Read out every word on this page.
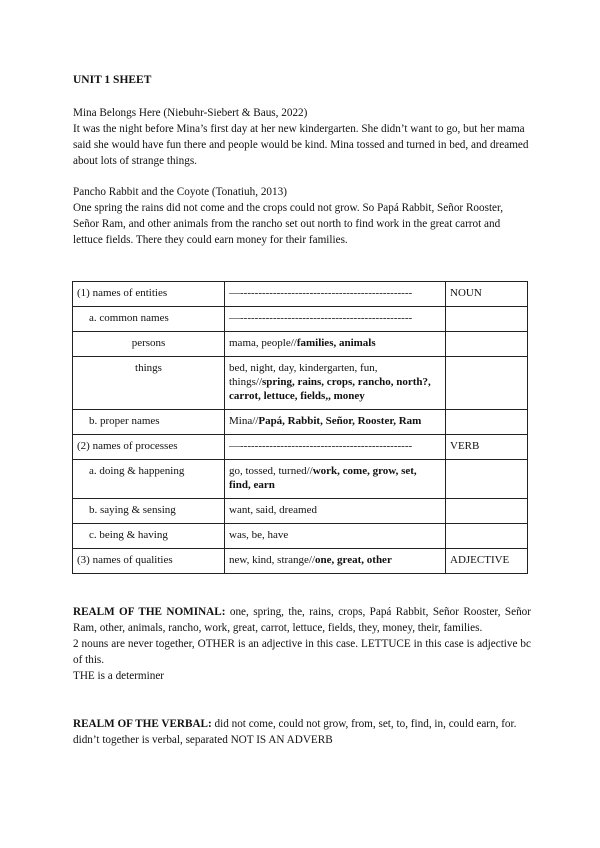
UNIT 1 SHEET

Mina Belongs Here (Niebuhr-Siebert & Baus, 2022)

It was the night before Mina’s first day at her new kindergarten. She didn’t want to go, but her mama said she would have fun there and people would be kind. Mina tossed and turned in bed, and dreamed about lots of strange things.

Pancho Rabbit and the Coyote (Tonatiuh, 2013)

One spring the rains did not come and the crops could not grow. So Papá Rabbit, Señor Rooster, Señor Ram, and other animals from the rancho set out north to find work in the great carrot and lettuce fields. There they could earn money for their families.

(1) names of entities	—-----------------------------------------------	NOUN
a. common names	—-----------------------------------------------	
persons	mama, people//families, animals	
things	bed, night, day, kindergarten, fun, things//spring, rains, crops, rancho, north?, carrot, lettuce, fields,, money	
b. proper names	Mina//Papá, Rabbit, Señor, Rooster, Ram	
(2) names of processes	—-----------------------------------------------	VERB
a. doing & happening	go, tossed, turned//work, come, grow, set, find, earn	
b. saying & sensing	want, said, dreamed	
c. being & having	was, be, have	
(3) names of qualities	new, kind, strange//one, great, other	ADJECTIVE
REALM OF THE NOMINAL: one, spring, the, rains, crops, Papá Rabbit, Señor Rooster, Señor Ram, other, animals, rancho, work, great, carrot, lettuce, fields, they, money, their, families.
2 nouns are never together, OTHER is an adjective in this case. LETTUCE in this case is adjective bc of this.
THE is a determiner
REALM OF THE VERBAL: did not come, could not grow, from, set, to, find, in, could earn, for.
didn’t together is verbal, separated NOT IS AN ADVERB
